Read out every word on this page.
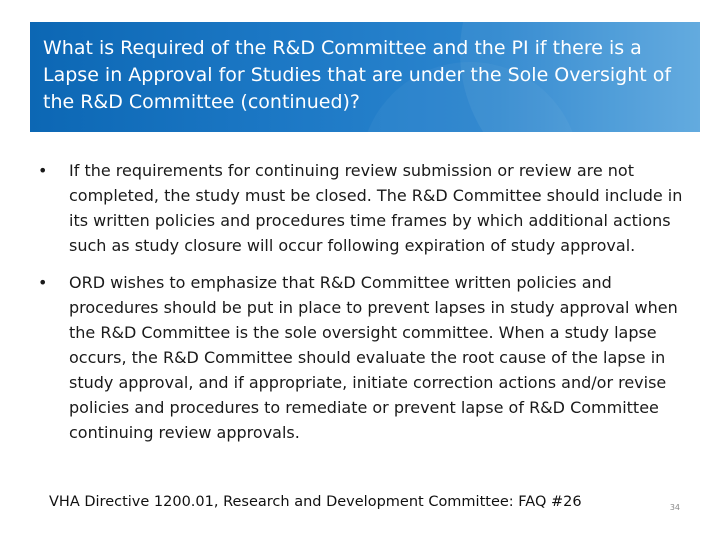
What is Required of the R&D Committee and the PI if there is a Lapse in Approval for Studies that are under the Sole Oversight of the R&D Committee (continued)?
• If the requirements for continuing review submission or review are not completed, the study must be closed. The R&D Committee should include in its written policies and procedures time frames by which additional actions such as study closure will occur following expiration of study approval.
• ORD wishes to emphasize that R&D Committee written policies and procedures should be put in place to prevent lapses in study approval when the R&D Committee is the sole oversight committee. When a study lapse occurs, the R&D Committee should evaluate the root cause of the lapse in study approval, and if appropriate, initiate correction actions and/or revise policies and procedures to remediate or prevent lapse of R&D Committee continuing review approvals.
VHA Directive 1200.01, Research and Development Committee: FAQ #26	34
